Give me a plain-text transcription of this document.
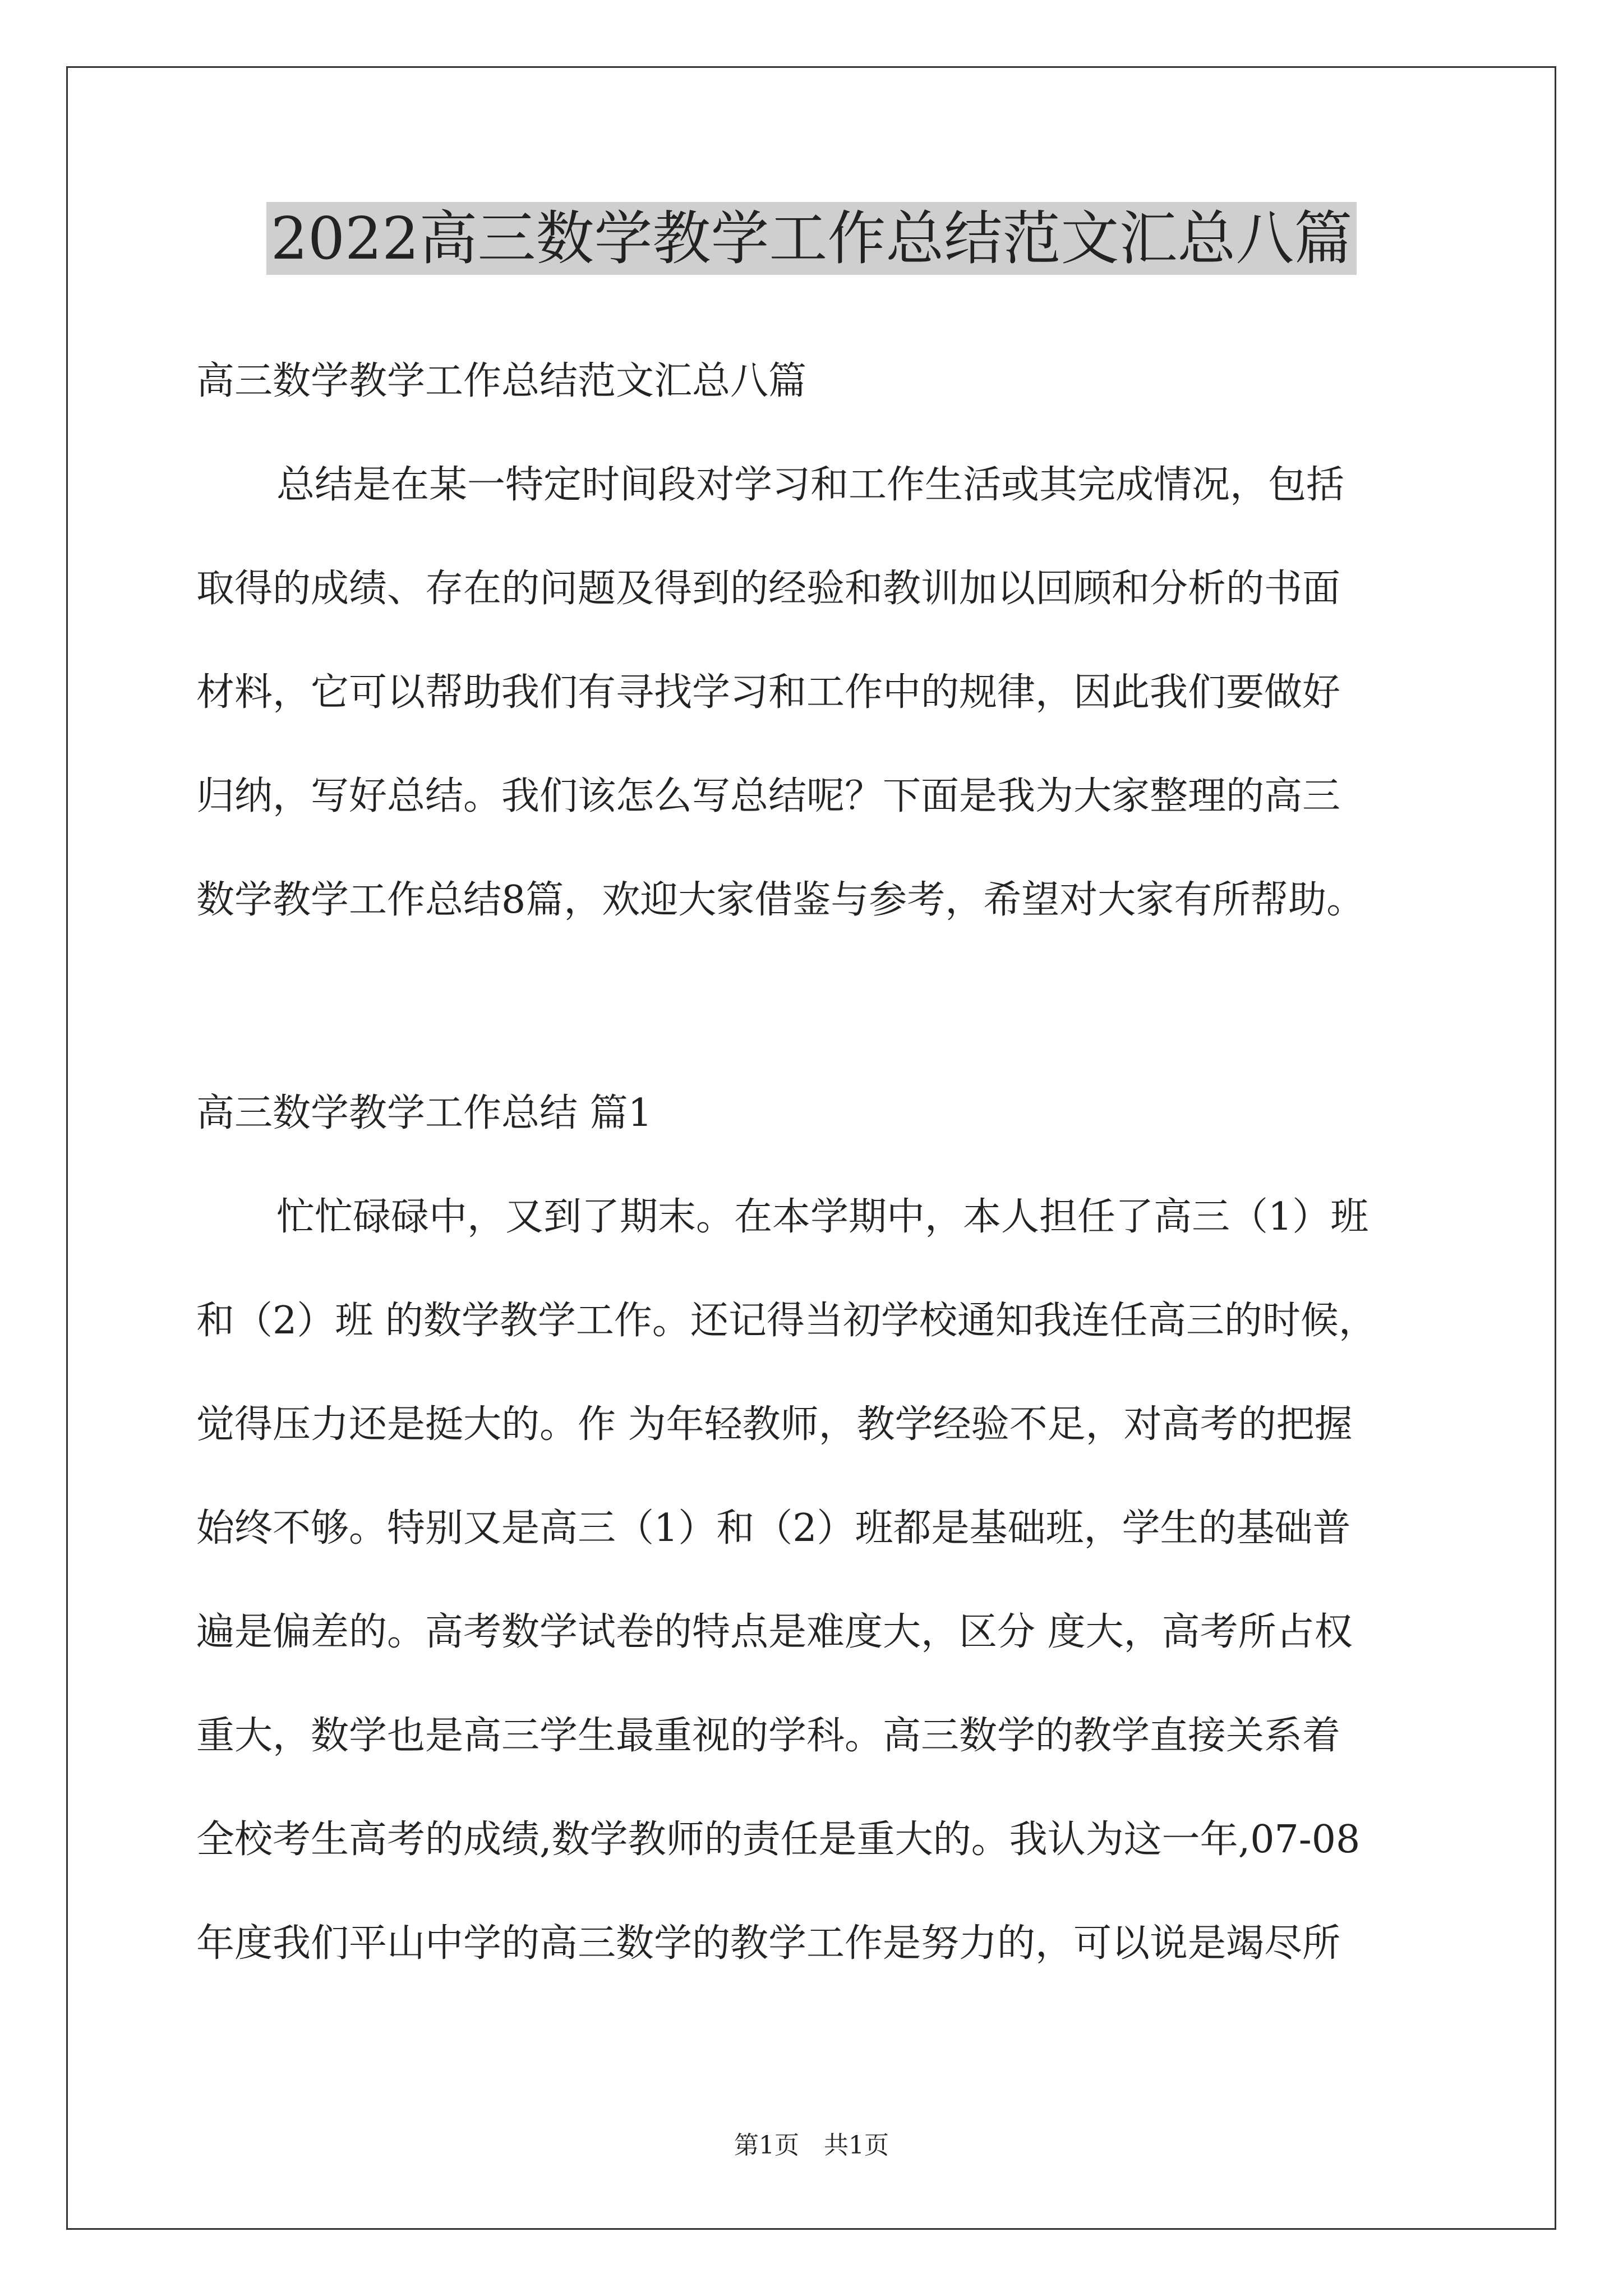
2022高三数学教学工作总结范文汇总八篇
高三数学教学工作总结范文汇总八篇
总结是在某一特定时间段对学习和工作生活或其完成情况，包括
取得的成绩、存在的问题及得到的经验和教训加以回顾和分析的书面
材料，它可以帮助我们有寻找学习和工作中的规律，因此我们要做好
归纳，写好总结。我们该怎么写总结呢？下面是我为大家整理的高三
数学教学工作总结8篇，欢迎大家借鉴与参考，希望对大家有所帮助。
高三数学教学工作总结 篇1
忙忙碌碌中，又到了期末。在本学期中，本人担任了高三（1）班
和（2）班 的数学教学工作。还记得当初学校通知我连任高三的时候，
觉得压力还是挺大的。作 为年轻教师，教学经验不足，对高考的把握
始终不够。特别又是高三（1）和（2）班都是基础班，学生的基础普
遍是偏差的。高考数学试卷的特点是难度大，区分 度大，高考所占权
重大，数学也是高三学生最重视的学科。高三数学的教学直接关系着
全校考生高考的成绩,数学教师的责任是重大的。我认为这一年,07-08
年度我们平山中学的高三数学的教学工作是努力的，可以说是竭尽所
第1页　共1页
